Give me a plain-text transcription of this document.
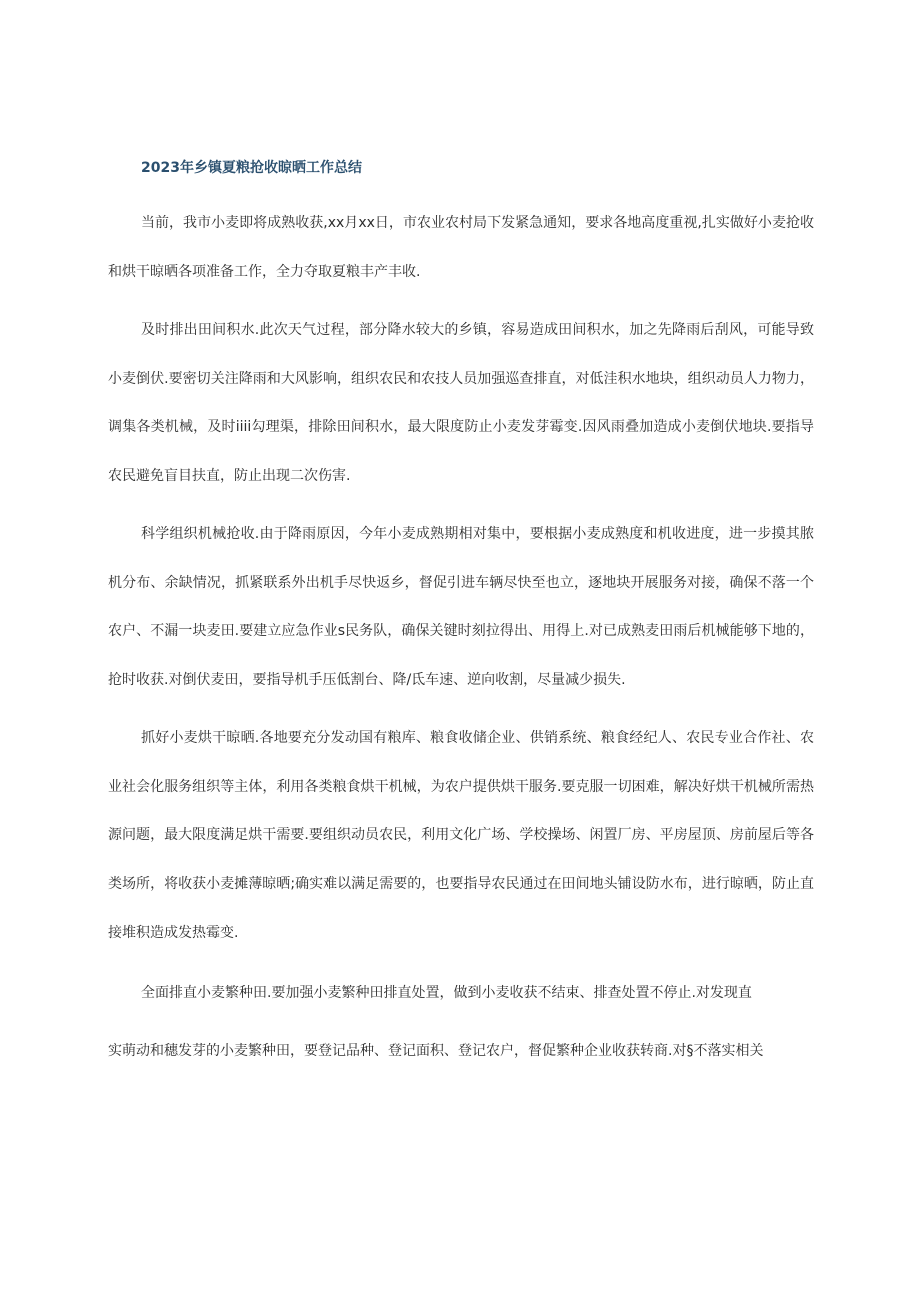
2023年乡镇夏粮抢收晾晒工作总结

当前，我市小麦即将成熟收获,xx月xx日，市农业农村局下发紧急通知，要求各地高度重视,扎实做好小麦抢收和烘干晾晒各项准备工作，全力夺取夏粮丰产丰收.

及时排出田间积水.此次天气过程，部分降水较大的乡镇，容易造成田间积水，加之先降雨后刮风，可能导致小麦倒伏.要密切关注降雨和大风影响，组织农民和农技人员加强巡查排直，对低洼积水地块，组织动员人力物力，调集各类机械，及时iiii勾理渠，排除田间积水，最大限度防止小麦发芽霉变.因风雨叠加造成小麦倒伏地块.要指导农民避免盲目扶直，防止出现二次伤害.

科学组织机械抢收.由于降雨原因，今年小麦成熟期相对集中，要根据小麦成熟度和机收进度，进一步摸其脓机分布、余缺情况，抓紧联系外出机手尽快返乡，督促引进车辆尽快至也立，逐地块开展服务对接，确保不落一个农户、不漏一块麦田.要建立应急作业s民务队，确保关键时刻拉得出、用得上.对已成熟麦田雨后机械能够下地的，抢时收获.对倒伏麦田，要指导机手压低割台、降/氐车速、逆向收割，尽量减少损失.

抓好小麦烘干晾晒.各地要充分发动国有粮库、粮食收储企业、供销系统、粮食经纪人、农民专业合作社、农业社会化服务组织等主体，利用各类粮食烘干机械，为农户提供烘干服务.要克服一切困难，解决好烘干机械所需热源问题，最大限度满足烘干需要.要组织动员农民，利用文化广场、学校操场、闲置厂房、平房屋顶、房前屋后等各类场所，将收获小麦摊薄晾晒;确实难以满足需要的，也要指导农民通过在田间地头铺设防水布，进行晾晒，防止直接堆积造成发热霉变.

全面排直小麦繁种田.要加强小麦繁种田排直处置，做到小麦收获不结束、排查处置不停止.对发现直

实萌动和穗发芽的小麦繁种田，要登记品种、登记面积、登记农户，督促繁种企业收获转商.对§不落实相关
